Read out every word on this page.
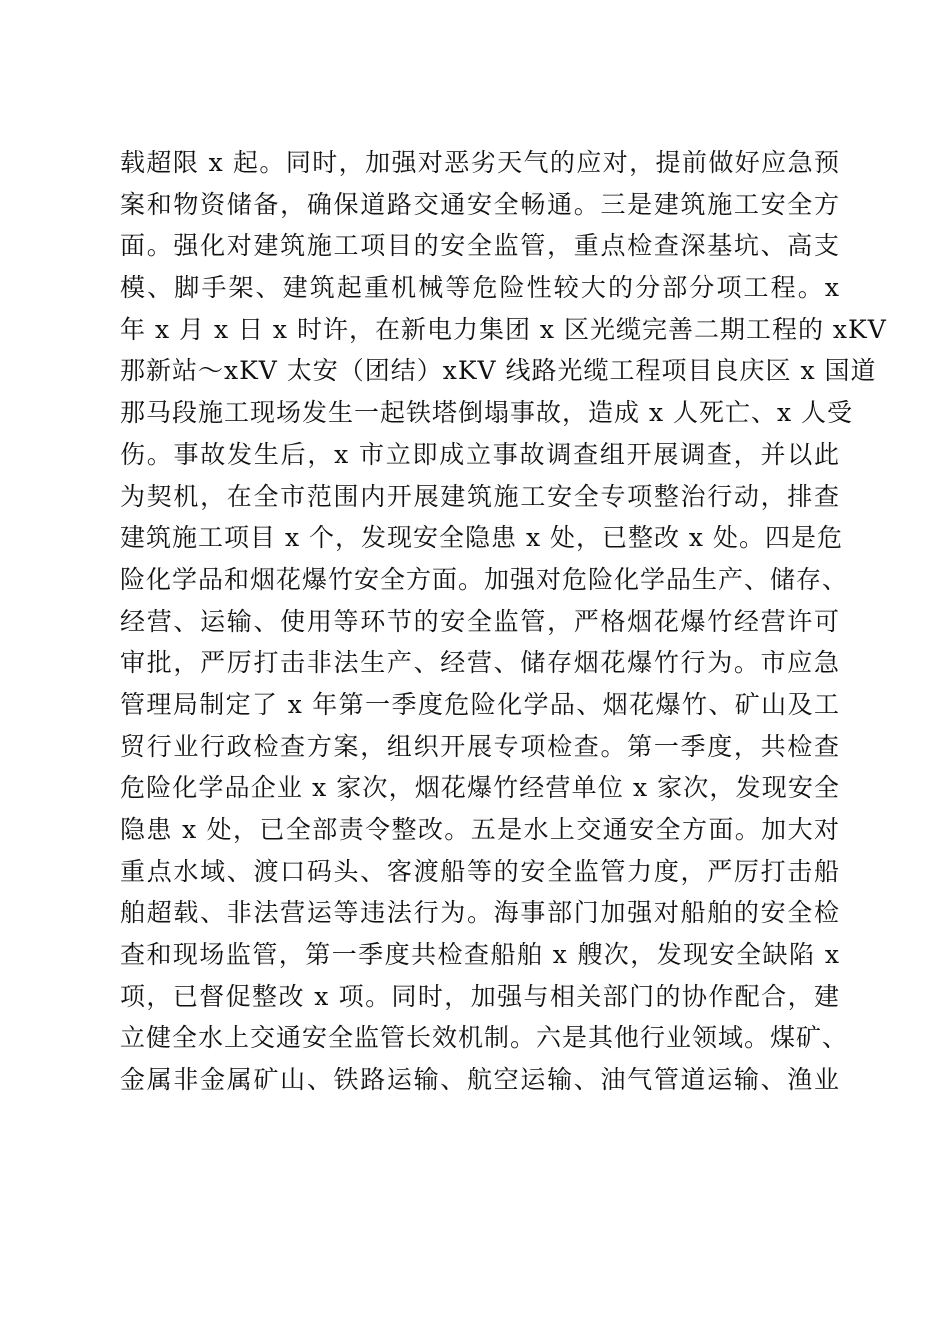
载超限 x 起。同时，加强对恶劣天气的应对，提前做好应急预
案和物资储备，确保道路交通安全畅通。三是建筑施工安全方
面。强化对建筑施工项目的安全监管，重点检查深基坑、高支
模、脚手架、建筑起重机械等危险性较大的分部分项工程。x
年 x 月 x 日 x 时许，在新电力集团 x 区光缆完善二期工程的 xKV
那新站～xKV 太安（团结）xKV 线路光缆工程项目良庆区 x 国道
那马段施工现场发生一起铁塔倒塌事故，造成 x 人死亡、x 人受
伤。事故发生后，x 市立即成立事故调查组开展调查，并以此
为契机，在全市范围内开展建筑施工安全专项整治行动，排查
建筑施工项目 x 个，发现安全隐患 x 处，已整改 x 处。四是危
险化学品和烟花爆竹安全方面。加强对危险化学品生产、储存、
经营、运输、使用等环节的安全监管，严格烟花爆竹经营许可
审批，严厉打击非法生产、经营、储存烟花爆竹行为。市应急
管理局制定了 x 年第一季度危险化学品、烟花爆竹、矿山及工
贸行业行政检查方案，组织开展专项检查。第一季度，共检查
危险化学品企业 x 家次，烟花爆竹经营单位 x 家次，发现安全
隐患 x 处，已全部责令整改。五是水上交通安全方面。加大对
重点水域、渡口码头、客渡船等的安全监管力度，严厉打击船
舶超载、非法营运等违法行为。海事部门加强对船舶的安全检
查和现场监管，第一季度共检查船舶 x 艘次，发现安全缺陷 x
项，已督促整改 x 项。同时，加强与相关部门的协作配合，建
立健全水上交通安全监管长效机制。六是其他行业领域。煤矿、
金属非金属矿山、铁路运输、航空运输、油气管道运输、渔业
